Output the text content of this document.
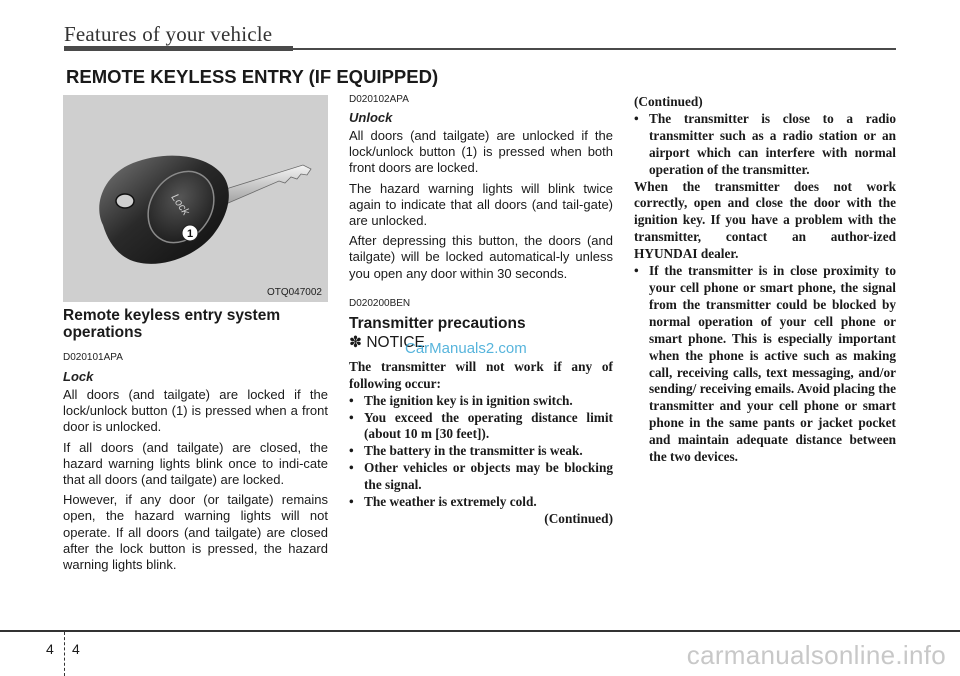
Features of your vehicle
REMOTE KEYLESS ENTRY (IF EQUIPPED)
Lock
1
OTQ047002

Remote keyless entry system operations

D020101APA
Lock

All doors (and tailgate) are locked if the lock/unlock button (1) is pressed when a front door is unlocked.

If all doors (and tailgate) are closed, the hazard warning lights blink once to indi-cate that all doors (and tailgate) are locked.

However, if any door (or tailgate) remains open, the hazard warning lights will not operate. If all doors (and tailgate) are closed after the lock button is pressed, the hazard warning lights blink.

D020102APA
Unlock

All doors (and tailgate) are unlocked if the lock/unlock button (1) is pressed when both front doors are locked.

The hazard warning lights will blink twice again to indicate that all doors (and tail-gate) are unlocked.

After depressing this button, the doors (and tailgate) will be locked automatical-ly unless you open any door within 30 seconds.

D020200BEN

Transmitter precautions

✽ NOTICE

The transmitter will not work if any of following occur:

• The ignition key is in ignition switch.

• You exceed the operating distance limit (about 10 m [30 feet]).

• The battery in the transmitter is weak.

• Other vehicles or objects may be blocking the signal.

• The weather is extremely cold.

(Continued)

(Continued)

• The transmitter is close to a radio transmitter such as a radio station or an airport which can interfere with normal operation of the transmitter.

When the transmitter does not work correctly, open and close the door with the ignition key. If you have a problem with the transmitter, contact an author-ized HYUNDAI dealer.

• If the transmitter is in close proximity to your cell phone or smart phone, the signal from the transmitter could be blocked by normal operation of your cell phone or smart phone. This is especially important when the phone is active such as making call, receiving calls, text messaging, and/or sending/ receiving emails. Avoid placing the transmitter and your cell phone or smart phone in the same pants or jacket pocket and maintain adequate distance between the two devices.

CarManuals2.com
carmanualsonline.info
4 4
